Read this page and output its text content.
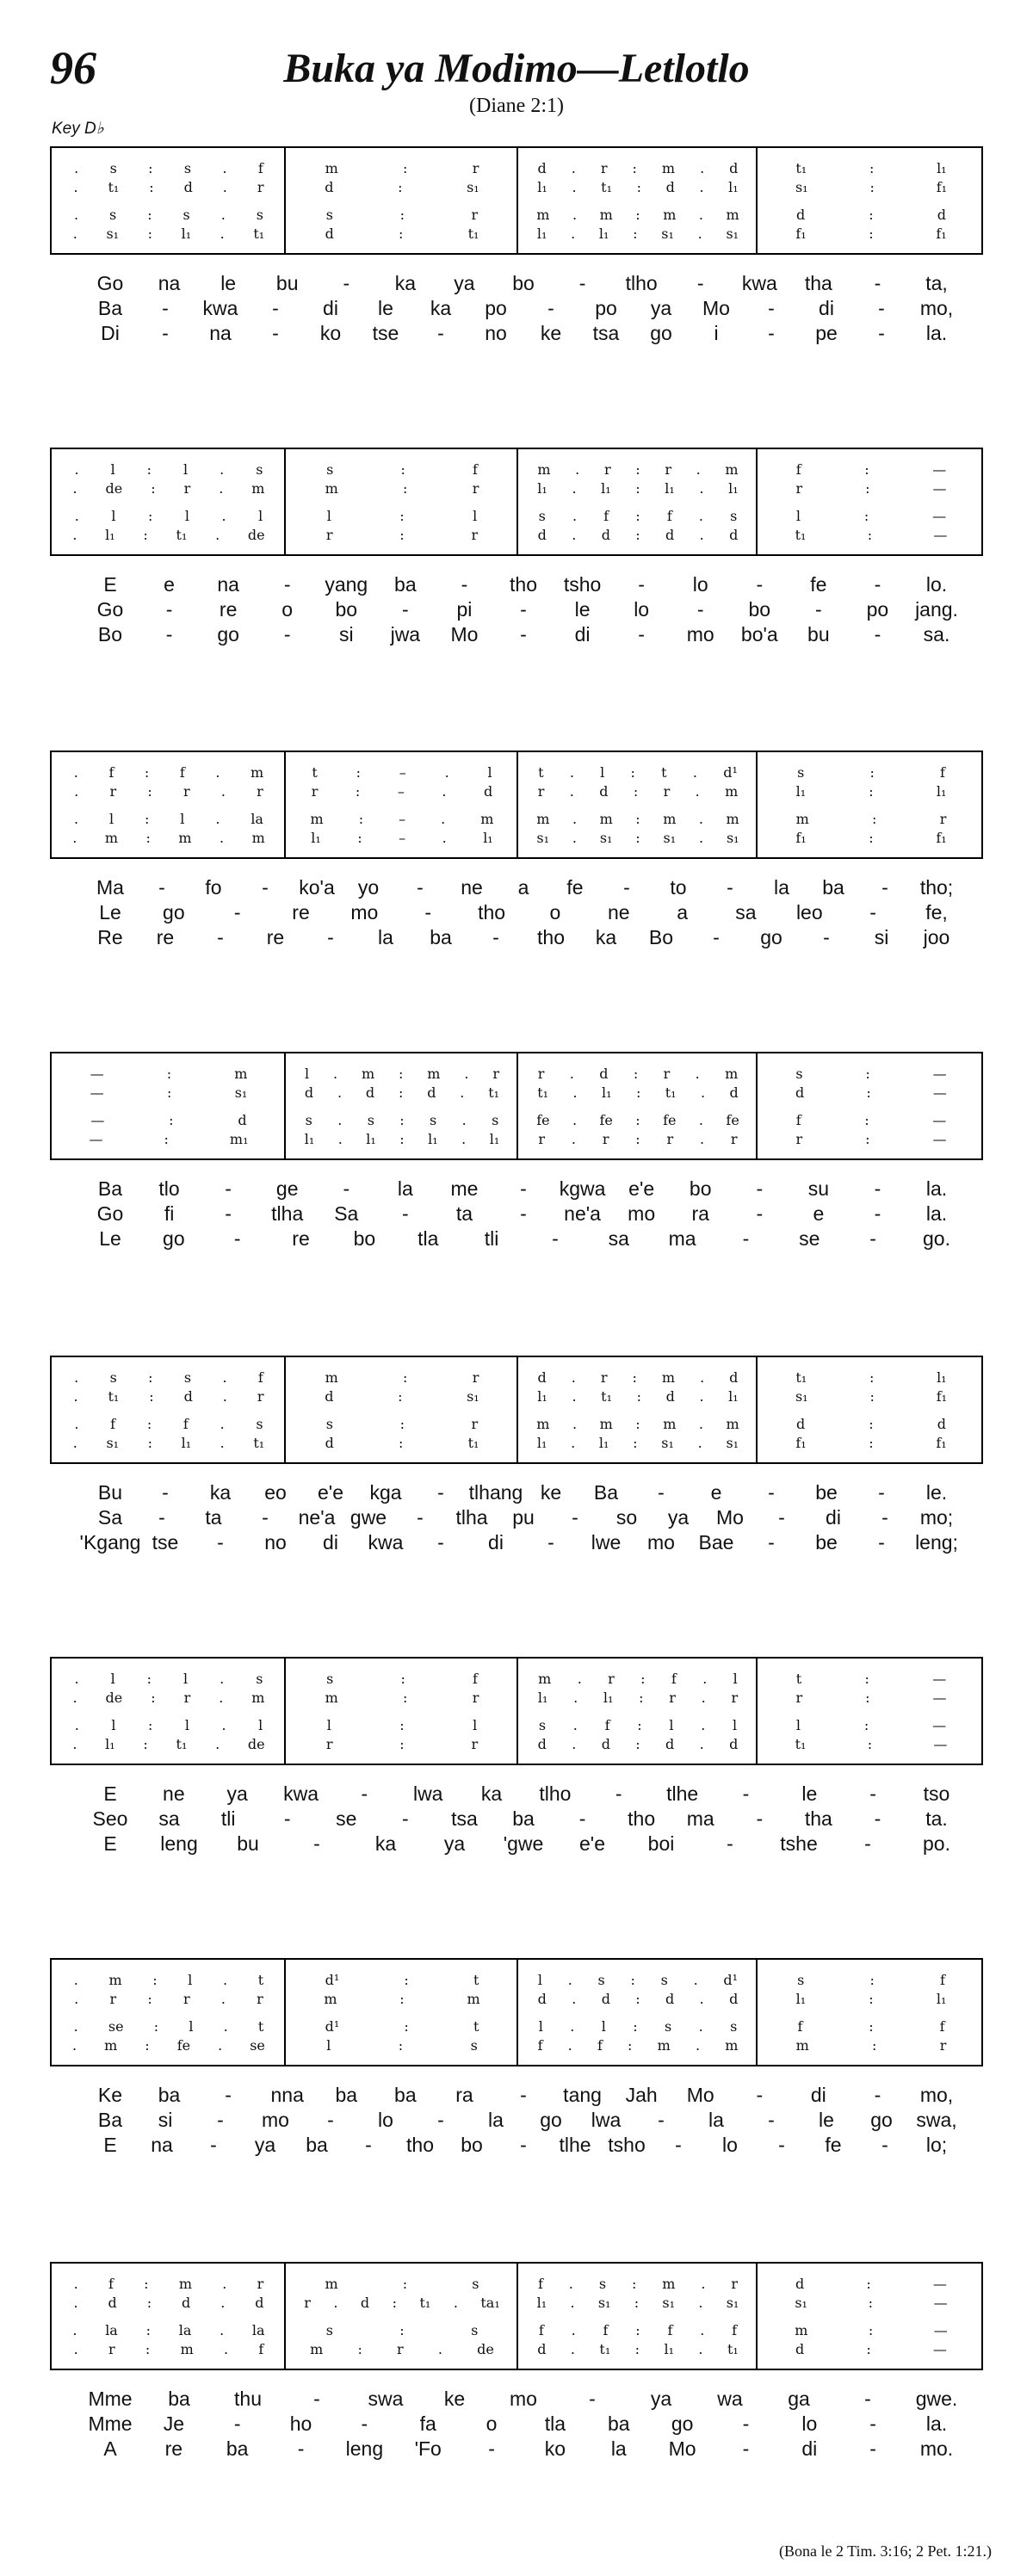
96	Buka ya Modimo—Letlotlo
(Diane 2:1)
Key D♭
. s : s . f	m	:	r	d . r : m . d	t₁	:	l₁
. t₁ : d . r	d	:	s₁	l₁ . t₁ : d . l₁	s₁	:	f₁
. s : s . s	s	:	r	m . m : m . m	d	:	d
. s₁ : l₁ . t₁	d	:	t₁	l₁ . l₁ : s₁ . s₁	f₁	:	f₁
Go na le bu - ka ya bo - tlho - kwa tha - ta,
Ba - kwa - di le ka po - po ya Mo - di - mo,
Di - na - ko tse - no ke tsa go i	- pe - la.
. l : l . s	s	:	f	m . r : r . m	f	:	—
. de : r . m	m	:	r	l₁ . l₁ : l₁ . l₁	r	:	—
. l : l . l	l	:	l	s . f : f . s	l	:	—
. l₁ : t₁ . de	r	:	r	d . d : d . d	t₁	:	—
E e na - yang ba - tho tsho - lo - fe - lo.
Go - re o bo - pi - le lo - bo - po jang.
Bo - go - si jwa Mo - di - mo bo'a bu - sa.
. f : f . m	t	:	–	.	l	t . l : t . d¹	s	:	f
. r : r . r	r	:	–	.	d	r . d : r . m	l₁	:	l₁
. l : l . la	m	:	–	.	m	m . m : m . m	m	:	r
. m : m . m	l₁	:	–	.	l₁	s₁ . s₁ : s₁ . s₁	f₁	:	f₁
Ma - fo - ko'a yo - ne a fe - to - la ba - tho;
Le go -	re mo - tho o ne a sa leo - fe,
Re re - re - la ba - tho ka Bo - go - si joo
—	:	m	l . m : m . r	r . d : r . m	s	:	—
—	:	s₁	d . d : d . t₁	t₁ . l₁ : t₁ . d	d	:	—
—	:	d	s . s : s . s	fe . fe : fe . fe	f	:	—
—	:	m₁	l₁ . l₁ : l₁ . l₁	r . r : r . r	r	:	—
Ba tlo - ge - la me - kgwa e'e bo - su - la.
Go fi	- tlha Sa - ta - ne'a mo ra -	e	- la.
Le go -	re bo tla tli	-	sa ma -	se	- go.
. s : s . f	m	:	r	d . r : m . d	t₁	:	l₁
. t₁ : d . r	d	:	s₁	l₁ . t₁ : d . l₁	s₁	:	f₁
. f : f . s	s	:	r	m . m : m . m	d	:	d
. s₁ : l₁ . t₁	d	:	t₁	l₁ . l₁ : s₁ . s₁	f₁	:	f₁
Bu - ka eo e'e kga - tlhang ke Ba - e - be - le.
Sa - ta - ne'a gwe - tlha pu - so ya Mo - di - mo;
'Kgang tse - no di kwa - di - lwe mo Bae - be - leng;
. l : l . s	s	:	f	m . r : f . l	t	:	—
. de : r . m	m	:	r	l₁ . l₁ : r . r	r	:	—
. l : l . l	l	:	l	s . f : l . l	l	:	—
. l₁ : t₁ . de	r	:	r	d . d : d . d	t₁	:	—
E ne ya kwa - lwa ka tlho - tlhe -	le	- tso
Seo sa tli - se - tsa ba - tho ma - tha - ta.
E leng bu	-	ka ya 'gwe e'e boi	- tshe -	po.
. m : l . t	d¹	:	t	l . s : s . d¹	s	:	f
. r : r . r	m	:	m	d . d : d . d	l₁	:	l₁
. se : l . t	d¹	:	t	l . l : s . s	f	:	f
. m : fe . se	l	:	s	f . f : m . m	m	:	r
Ke ba - nna ba ba ra - tang Jah Mo - di - mo,
Ba si - mo - lo - la go lwa - la - le go swa,
E na - ya ba - tho bo - tlhe tsho - lo - fe - lo;
. f : m . r	m	:	s	f . s : m . r	d	:	—
. d : d . d	r . d : t₁ . ta₁	l₁ . s₁ : s₁ . s₁	s₁	:	—
. la : la . la	s	:	s	f . f : f . f	m	:	—
. r : m . f	m	:	r	.	de	d . t₁ : l₁ . t₁	d	:	—
Mme ba thu	- swa ke mo	-	ya wa ga	- gwe.
Mme Je	- ho -	fa	o tla ba go -	lo	-	la.
A re ba - leng 'Fo -	ko la Mo -	di	- mo.
(Bona le 2 Tim. 3:16; 2 Pet. 1:21.)
